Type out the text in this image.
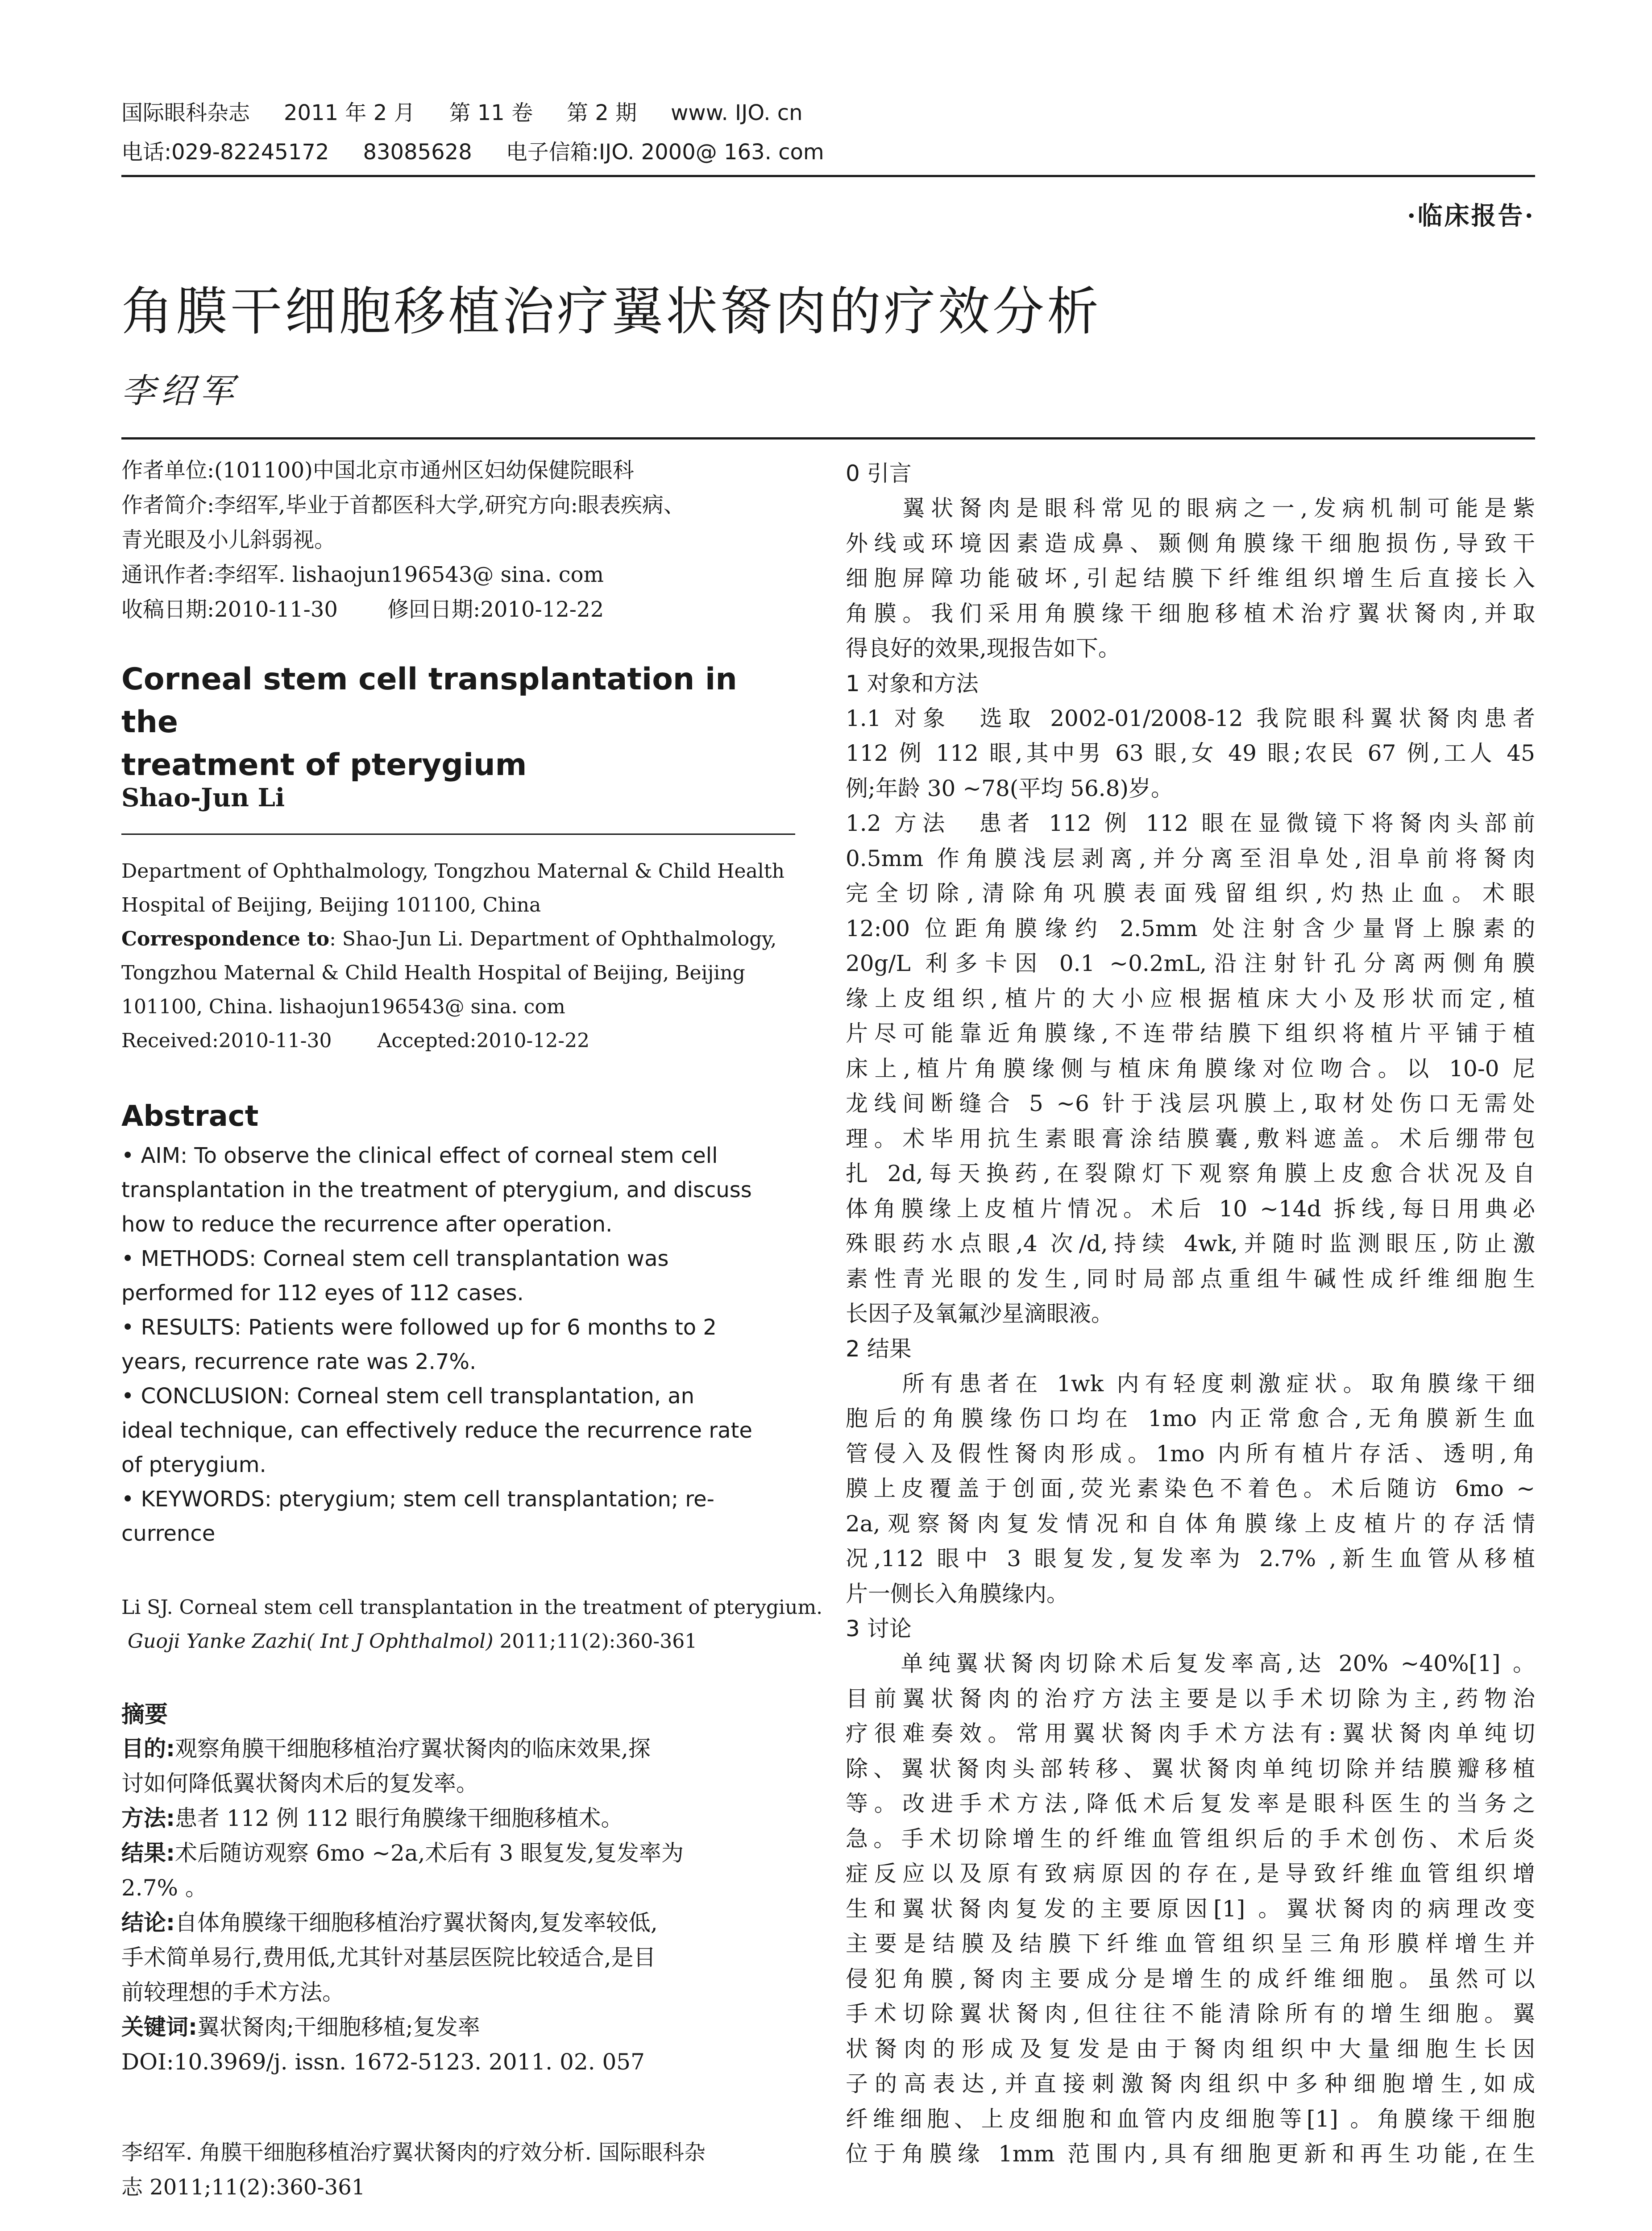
国际眼科杂志 2011 年 2 月 第 11 卷 第 2 期 www. IJO. cn
电话:029-82245172 83085628 电子信箱:IJO. 2000@ 163. com
·临床报告·
角膜干细胞移植治疗翼状胬肉的疗效分析
李绍军
作者单位:(101100)中国北京市通州区妇幼保健院眼科
作者简介:李绍军,毕业于首都医科大学,研究方向:眼表疾病、
青光眼及小儿斜弱视。
通讯作者:李绍军. lishaojun196543@ sina. com
收稿日期:2010-11-30　　 修回日期:2010-12-22
Corneal stem cell transplantation in the
treatment of pterygium
Shao-Jun Li
Department of Ophthalmology, Tongzhou Maternal & Child Health
Hospital of Beijing, Beijing 101100, China
Correspondence to: Shao-Jun Li. Department of Ophthalmology,
Tongzhou Maternal & Child Health Hospital of Beijing, Beijing
101100, China. lishaojun196543@ sina. com
Received:2010-11-30　　 Accepted:2010-12-22
Abstract
• AIM: To observe the clinical effect of corneal stem cell
transplantation in the treatment of pterygium, and discuss
how to reduce the recurrence after operation.
• METHODS: Corneal stem cell transplantation was
performed for 112 eyes of 112 cases.
• RESULTS: Patients were followed up for 6 months to 2
years, recurrence rate was 2.7%.
• CONCLUSION: Corneal stem cell transplantation, an
ideal technique, can effectively reduce the recurrence rate
of pterygium.
• KEYWORDS: pterygium; stem cell transplantation; re-
currence
Li SJ. Corneal stem cell transplantation in the treatment of pterygium.
Guoji Yanke Zazhi( Int J Ophthalmol) 2011;11(2):360-361
摘要
目的:观察角膜干细胞移植治疗翼状胬肉的临床效果,探
讨如何降低翼状胬肉术后的复发率。
方法:患者 112 例 112 眼行角膜缘干细胞移植术。
结果:术后随访观察 6mo ~2a,术后有 3 眼复发,复发率为
2.7% 。
结论:自体角膜缘干细胞移植治疗翼状胬肉,复发率较低,
手术简单易行,费用低,尤其针对基层医院比较适合,是目
前较理想的手术方法。
关键词:翼状胬肉;干细胞移植;复发率
DOI:10.3969/j. issn. 1672-5123. 2011. 02. 057
李绍军. 角膜干细胞移植治疗翼状胬肉的疗效分析. 国际眼科杂
志 2011;11(2):360-361
0 引言
　　翼状胬肉是眼科常见的眼病之一,发病机制可能是紫
外线或环境因素造成鼻、颞侧角膜缘干细胞损伤,导致干
细胞屏障功能破坏,引起结膜下纤维组织增生后直接长入
角膜。我们采用角膜缘干细胞移植术治疗翼状胬肉,并取
得良好的效果,现报告如下。
1 对象和方法
1.1 对象　选取 2002-01/2008-12 我院眼科翼状胬肉患者
112 例 112 眼,其中男 63 眼,女 49 眼;农民 67 例,工人 45
例;年龄 30 ~78(平均 56.8)岁。
1.2 方法　患者 112 例 112 眼在显微镜下将胬肉头部前
0.5mm 作角膜浅层剥离,并分离至泪阜处,泪阜前将胬肉
完全切除,清除角巩膜表面残留组织,灼热止血。术眼
12:00 位距角膜缘约 2.5mm 处注射含少量肾上腺素的
20g/L 利多卡因 0.1 ~0.2mL,沿注射针孔分离两侧角膜
缘上皮组织,植片的大小应根据植床大小及形状而定,植
片尽可能靠近角膜缘,不连带结膜下组织将植片平铺于植
床上,植片角膜缘侧与植床角膜缘对位吻合。以 10-0 尼
龙线间断缝合 5 ~6 针于浅层巩膜上,取材处伤口无需处
理。术毕用抗生素眼膏涂结膜囊,敷料遮盖。术后绷带包
扎 2d,每天换药,在裂隙灯下观察角膜上皮愈合状况及自
体角膜缘上皮植片情况。术后 10 ~14d 拆线,每日用典必
殊眼药水点眼,4 次/d,持续 4wk,并随时监测眼压,防止激
素性青光眼的发生,同时局部点重组牛碱性成纤维细胞生
长因子及氧氟沙星滴眼液。
2 结果
　　所有患者在 1wk 内有轻度刺激症状。取角膜缘干细
胞后的角膜缘伤口均在 1mo 内正常愈合,无角膜新生血
管侵入及假性胬肉形成。1mo 内所有植片存活、透明,角
膜上皮覆盖于创面,荧光素染色不着色。术后随访 6mo ~
2a,观察胬肉复发情况和自体角膜缘上皮植片的存活情
况,112 眼中 3 眼复发,复发率为 2.7% ,新生血管从移植
片一侧长入角膜缘内。
3 讨论
　　单纯翼状胬肉切除术后复发率高,达 20% ~40%[1] 。
目前翼状胬肉的治疗方法主要是以手术切除为主,药物治
疗很难奏效。常用翼状胬肉手术方法有:翼状胬肉单纯切
除、翼状胬肉头部转移、翼状胬肉单纯切除并结膜瓣移植
等。改进手术方法,降低术后复发率是眼科医生的当务之
急。手术切除增生的纤维血管组织后的手术创伤、术后炎
症反应以及原有致病原因的存在,是导致纤维血管组织增
生和翼状胬肉复发的主要原因[1] 。翼状胬肉的病理改变
主要是结膜及结膜下纤维血管组织呈三角形膜样增生并
侵犯角膜,胬肉主要成分是增生的成纤维细胞。虽然可以
手术切除翼状胬肉,但往往不能清除所有的增生细胞。翼
状胬肉的形成及复发是由于胬肉组织中大量细胞生长因
子的高表达,并直接刺激胬肉组织中多种细胞增生,如成
纤维细胞、上皮细胞和血管内皮细胞等[1] 。角膜缘干细胞
位于角膜缘 1mm 范围内,具有细胞更新和再生功能,在生
